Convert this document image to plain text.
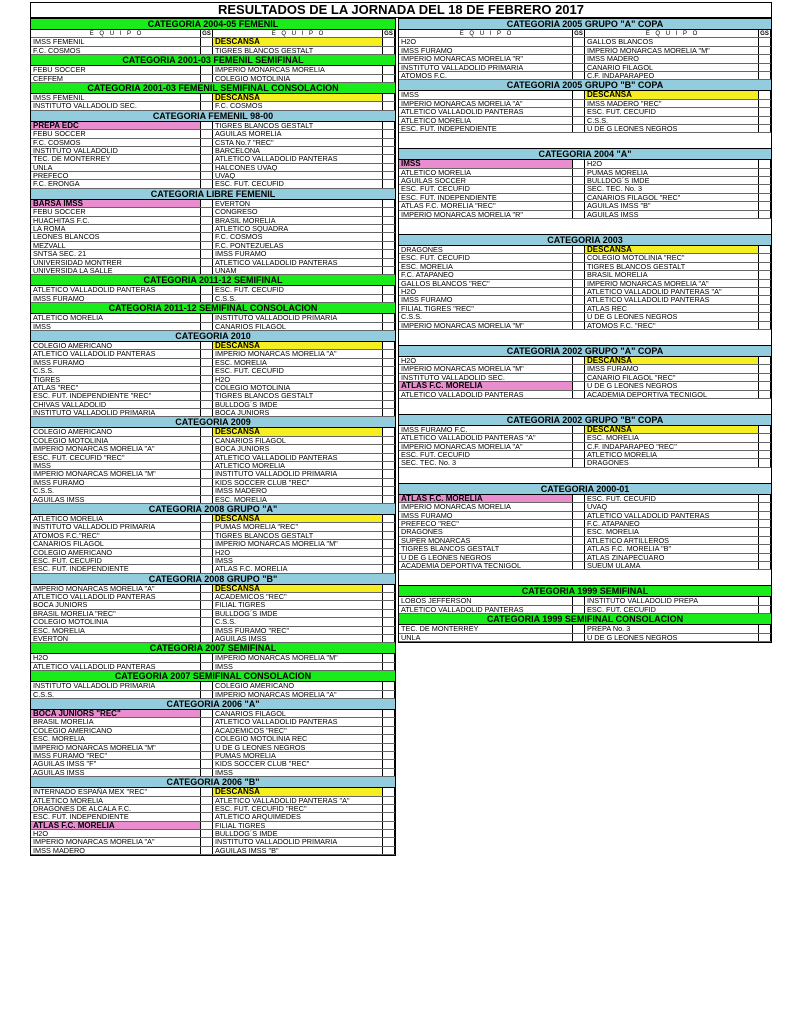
RESULTADOS DE LA JORNADA DEL 18 DE FEBRERO 2017
CATEGORIA 2004-05 FEMENIL
E Q U I P O	GS	E Q U I P O	GS
IMSS FEMENIL	DESCANSA
F.C. COSMOS	TIGRES BLANCOS GESTALT
CATEGORIA 2001-03 FEMENIL SEMIFINAL
FEBU SOCCER	IMPERIO MONARCAS MORELIA
CEFFEM	COLEGIO MOTOLINIA
CATEGORIA 2001-03 FEMENIL SEMIFINAL CONSOLACION
IMSS FEMENIL	DESCANSA
INSTITUTO VALLADOLID SEC.	F.C. COSMOS
CATEGORIA FEMENIL 98-00
PREPA EDC	TIGRES BLANCOS GESTALT
FEBU SOCCER	AGUILAS MORELIA
F.C. COSMOS	CSTA No.7 "REC"
INSTITUTO VALLADOLID	BARCELONA
TEC. DE MONTERREY	ATLETICO VALLADOLID PANTERAS
UNLA	HALCONES UVAQ
PREFECO	UVAQ
F.C. ERONGA	ESC. FUT. CECUFID
CATEGORIA LIBRE FEMENIL
BARSA IMSS	EVERTON
FEBU SOCCER	CONGRESO
HUACHITAS F.C.	BRASIL MORELIA
LA ROMA	ATLETICO SQUADRA
LEONES BLANCOS	F.C. COSMOS
MEZVALL	F.C. PONTEZUELAS
SNTSA SEC. 21	IMSS FURAMO
UNIVERSIDAD MONTRER	ATLETICO VALLADOLID PANTERAS
UNIVERSIDA LA SALLE	UNAM
CATEGORIA 2011-12 SEMIFINAL
ATLETICO VALLADOLID PANTERAS	ESC. FUT. CECUFID
IMSS FURAMO	C.S.S.
CATEGORIA 2011-12 SEMIFINAL CONSOLACION
ATLETICO MORELIA	INSTITUTO VALLADOLID PRIMARIA
IMSS	CANARIOS FILAGOL
CATEGORIA 2010
COLEGIO AMERICANO	DESCANSA
ATLETICO VALLADOLID PANTERAS	IMPERIO MONARCAS MORELIA "A"
IMSS FURAMO	ESC. MORELIA
C.S.S.	ESC. FUT. CECUFID
TIGRES	H2O
ATLAS "REC"	COLEGIO MOTOLINIA
ESC. FUT. INDEPENDIENTE "REC"	TIGRES BLANCOS GESTALT
CHIVAS VALLADOLID	BULLDOG´S IMDE
INSTITUTO VALLADOLID PRIMARIA	BOCA JUNIORS
CATEGORIA 2009
COLEGIO AMERICANO	DESCANSA
COLEGIO MOTOLINIA	CANARIOS FILAGOL
IMPERIO MONARCAS MORELIA "A"	BOCA JUNIORS
ESC. FUT. CECUFID "REC"	ATLETICO VALLADOLID PANTERAS
IMSS	ATLETICO MORELIA
IMPERIO MONARCAS MORELIA "M"	INSTITUTO VALLADOLID PRIMARIA
IMSS FURAMO	KIDS SOCCER CLUB "REC"
C.S.S.	IMSS MADERO
AGUILAS IMSS	ESC. MORELIA
CATEGORIA 2008 GRUPO "A"
ATLETICO MORELIA	DESCANSA
INSTITUTO VALLADOLID PRIMARIA	PUMAS MORELIA "REC"
ATOMOS F.C."REC"	TIGRES BLANCOS GESTALT
CANARIOS FILAGOL	IMPERIO MONARCAS MORELIA "M"
COLEGIO AMERICANO	H2O
ESC. FUT. CECUFID	IMSS
ESC. FUT. INDEPENDIENTE	ATLAS F.C. MORELIA
CATEGORIA 2008 GRUPO "B"
IMPERIO MONARCAS MORELIA "A"	DESCANSA
ATLETICO VALLADOLID PANTERAS	ACADEMICOS "REC"
BOCA JUNIORS	FILIAL TIGRES
BRASIL MORELIA "REC"	BULLDOG´S IMDE
COLEGIO MOTOLINIA	C.S.S.
ESC. MORELIA	IMSS FURAMO "REC"
EVERTON	AGUILAS IMSS
CATEGORIA 2007 SEMIFINAL
H2O	IMPERIO MONARCAS MORELIA "M"
ATLETICO VALLADOLID PANTERAS	IMSS
CATEGORIA 2007 SEMIFINAL CONSOLACION
INSTITUTO VALLADOLID PRIMARIA	COLEGIO AMERICANO
C.S.S.	IMPERIO MONARCAS MORELIA "A"
CATEGORIA 2006 "A"
BOCA JUNIORS "REC"	CANARIOS FILAGOL
BRASIL MORELIA	ATLETICO VALLADOLID PANTERAS
COLEGIO AMERICANO	ACADEMICOS "REC"
ESC. MORELIA	COLEGIO MOTOLINIA REC
IMPERIO MONARCAS MORELIA "M"	U DE G LEONES NEGROS
IMSS FURAMO "REC"	PUMAS MORELIA
AGUILAS IMSS "F"	KIDS SOCCER CLUB "REC"
AGUILAS IMSS	IMSS
CATEGORIA 2006 "B"
INTERNADO ESPAÑA MEX "REC"	DESCANSA
ATLETICO MORELIA	ATLETICO VALLADOLID PANTERAS "A"
DRAGONES DE ALCALA F.C.	ESC. FUT. CECUFID "REC"
ESC. FUT. INDEPENDIENTE	ATLETICO ARQUIMEDES
ATLAS F.C. MORELIA	FILIAL TIGRES
H2O	BULLDOG´S IMDE
IMPERIO MONARCAS MORELIA "A"	INSTITUTO VALLADOLID PRIMARIA
IMSS MADERO	AGUILAS IMSS "B"
CATEGORIA 2005 GRUPO "A" COPA
E Q U I P O	GS	E Q U I P O	GS
H2O	GALLOS BLANCOS
IMSS FURAMO	IMPERIO MONARCAS MORELIA "M"
IMPERIO MONARCAS MORELIA "R"	IMSS MADERO
INSTITUTO VALLADOLID PRIMARIA	CANARIO FILAGOL
ATOMOS F.C.	C.F. INDAPARAPEO
CATEGORIA 2005 GRUPO "B" COPA
IMSS	DESCANSA
IMPERIO MONARCAS MORELIA "A"	IMSS MADERO "REC"
ATLETICO VALLADOLID PANTERAS	ESC. FUT. CECUFID
ATLETICO MORELIA	C.S.S.
ESC. FUT. INDEPENDIENTE	U DE G LEONES NEGROS
CATEGORIA 2004 "A"
IMSS	H2O
ATLETICO MORELIA	PUMAS MORELIA
AGUILAS SOCCER	BULLDOG´S IMDE
ESC. FUT. CECUFID	SEC. TEC. No. 3
ESC. FUT. INDEPENDIENTE	CANARIOS FILAGOL "REC"
ATLAS F.C. MORELIA "REC"	AGUILAS IMSS "B"
IMPERIO MONARCAS MORELIA "R"	AGUILAS IMSS
CATEGORIA 2003
DRAGONES	DESCANSA
ESC. FUT. CECUFID	COLEGIO MOTOLINIA "REC"
ESC. MORELIA	TIGRES BLANCOS GESTALT
F.C. ATAPANEO	BRASIL MORELIA
GALLOS BLANCOS "REC"	IMPERIO MONARCAS MORELIA "A"
H2O	ATLETICO VALLADOLID PANTERAS "A"
IMSS FURAMO	ATLETICO VALLADOLID PANTERAS
FILIAL TIGRES "REC"	ATLAS REC
C.S.S.	U DE G LEONES NEGROS
IMPERIO MONARCAS MORELIA "M"	ATOMOS F.C. "REC"
CATEGORIA 2002 GRUPO "A" COPA
H2O	DESCANSA
IMPERIO MONARCAS MORELIA "M"	IMSS FURAMO
INSTITUTO VALLADOLID SEC.	CANARIO FILAGOL "REC"
ATLAS F.C. MORELIA	U DE G LEONES NEGROS
ATLETICO VALLADOLID PANTERAS	ACADEMIA DEPORTIVA TECNIGOL
CATEGORIA 2002 GRUPO "B" COPA
IMSS FURAMO F.C.	DESCANSA
ATLETICO VALLADOLID PANTERAS "A"	ESC. MORELIA
IMPERIO MONARCAS MORELIA "A"	C.F. INDAPARAPEO "REC"
ESC. FUT. CECUFID	ATLETICO MORELIA
SEC. TEC. No. 3	DRAGONES
CATEGORIA 2000-01
ATLAS F.C. MORELIA	ESC. FUT. CECUFID
IMPERIO MONARCAS MORELIA	UVAQ
IMSS FURAMO	ATLETICO VALLADOLID PANTERAS
PREFECO "REC"	F.C. ATAPANEO
DRAGONES	ESC. MORELIA
SUPER MONARCAS	ATLETICO ARTILLEROS
TIGRES BLANCOS GESTALT	ATLAS F.C. MORELIA "B"
U DE G LEONES NEGROS	ATLAS ZINAPECUARO
ACADEMIA DEPORTIVA TECNIGOL	SUEUM ULAMA
CATEGORIA 1999 SEMIFINAL
LOBOS JEFFERSON	INSTITUTO VALLADOLID PREPA
ATLETICO VALLADOLID PANTERAS	ESC. FUT. CECUFID
CATEGORIA 1999 SEMIFINAL CONSOLACION
TEC. DE MONTERREY	PREPA No. 3
UNLA	U DE G LEONES NEGROS
